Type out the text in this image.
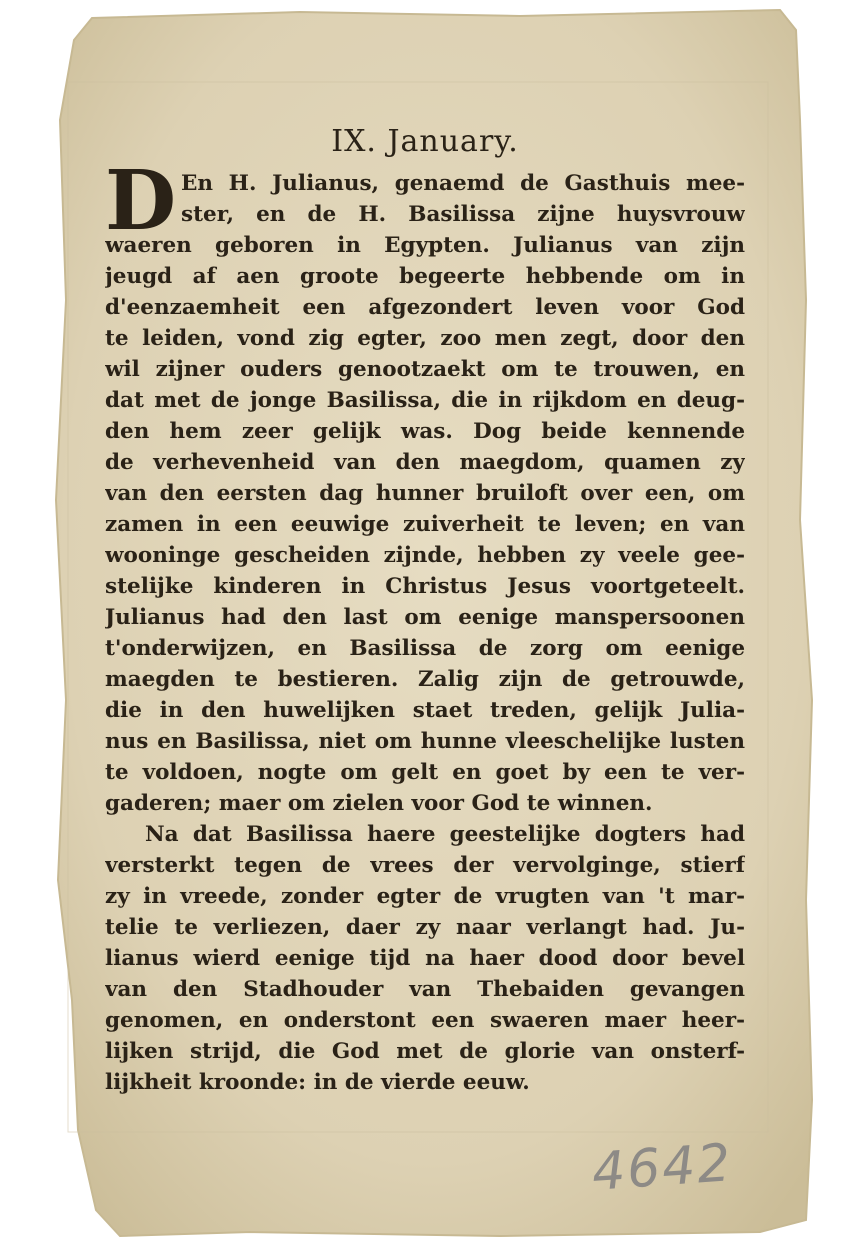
IX. January.
D En H. Julianus, genaemd de Gasthuis mee-
ster, en de H. Basilissa zijne huysvrouw
waeren geboren in Egypten. Julianus van zijn
jeugd af aen groote begeerte hebbende om in
d'eenzaemheit een afgezondert leven voor God
te leiden, vond zig egter, zoo men zegt, door den
wil zijner ouders genootzaekt om te trouwen, en
dat met de jonge Basilissa, die in rijkdom en deug-
den hem zeer gelijk was. Dog beide kennende
de verhevenheid van den maegdom, quamen zy
van den eersten dag hunner bruiloft over een, om
zamen in een eeuwige zuiverheit te leven; en van
wooninge gescheiden zijnde, hebben zy veele gee-
stelijke kinderen in Christus Jesus voortgeteelt.
Julianus had den last om eenige manspersoonen
t'onderwijzen, en Basilissa de zorg om eenige
maegden te bestieren. Zalig zijn de getrouwde,
die in den huwelijken staet treden, gelijk Julia-
nus en Basilissa, niet om hunne vleeschelijke lusten
te voldoen, nogte om gelt en goet by een te ver-
gaderen; maer om zielen voor God te winnen.
Na dat Basilissa haere geestelijke dogters had
versterkt tegen de vrees der vervolginge, stierf
zy in vreede, zonder egter de vrugten van 't mar-
telie te verliezen, daer zy naar verlangt had. Ju-
lianus wierd eenige tijd na haer dood door bevel
van den Stadhouder van Thebaiden gevangen
genomen, en onderstont een swaeren maer heer-
lijken strijd, die God met de glorie van onsterf-
lijkheit kroonde: in de vierde eeuw.
4642
